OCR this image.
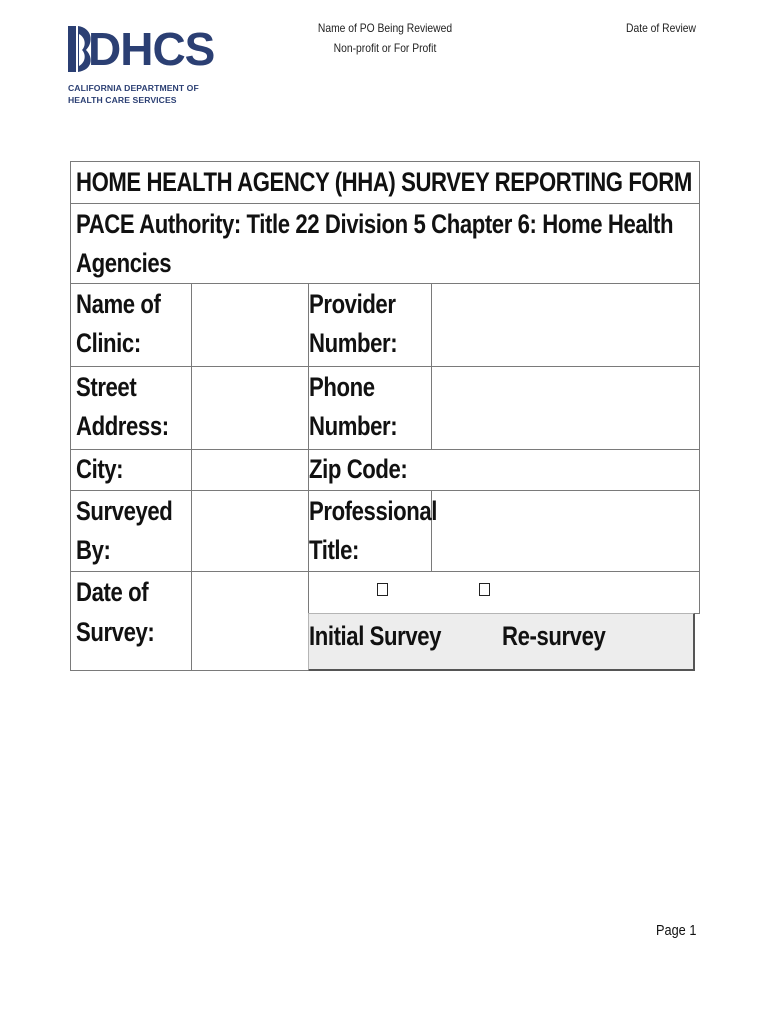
DHCS
CALIFORNIA DEPARTMENT OF
HEALTH CARE SERVICES
Name of PO Being Reviewed
Non-profit or For Profit
Date of Review
HOME HEALTH AGENCY (HHA) SURVEY REPORTING FORM
PACE Authority: Title 22 Division 5 Chapter 6: Home Health
Agencies
Name of
Clinic:
Provider
Number:
Street
Address:
Phone
Number:
City:	Zip Code:
Surveyed
By:
Professional
Title:
Date of
Survey:	Initial Survey Re-survey
Page 1
